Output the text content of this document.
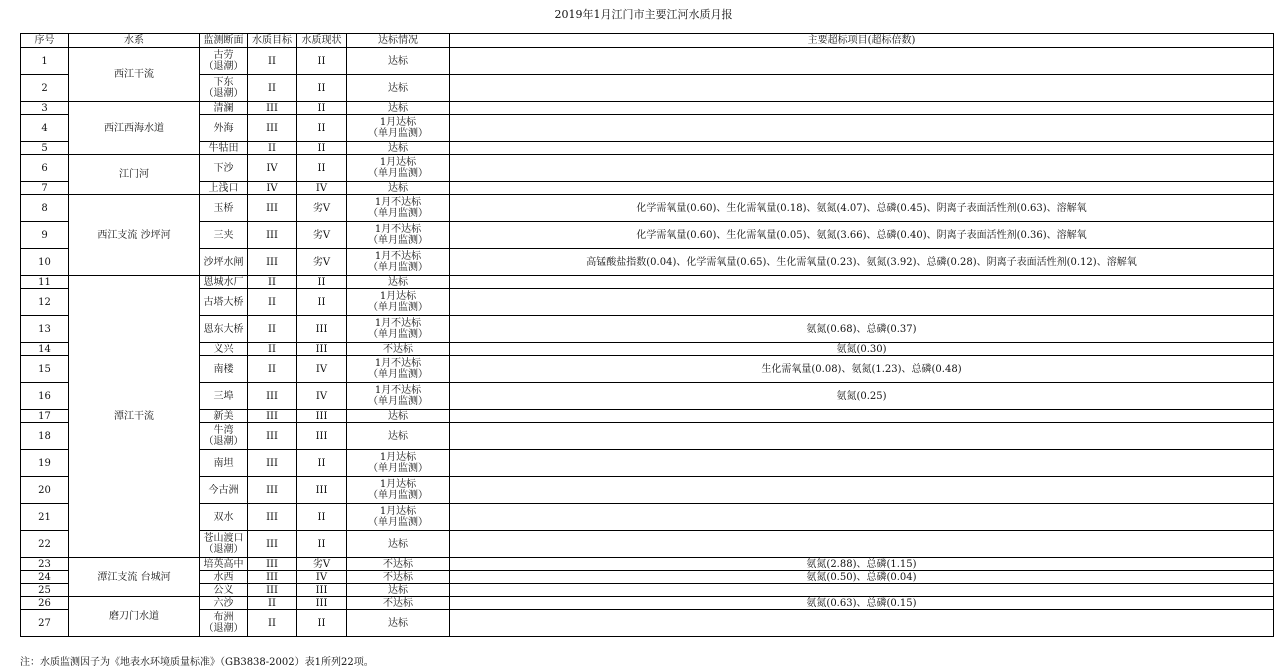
2019年1月江门市主要江河水质月报
序号	水系	监测断面	水质目标	水质现状	达标情况	主要超标项目(超标倍数)
1	西江干流	古劳
（退潮）	II	II	达标	
2		下东
（退潮）	II	II	达标	
3	西江西海水道	清澜	III	II	达标	
4		外海	III	II	1月达标
（单月监测）	
5		牛牯田	II	II	达标	
6	江门河	下沙	IV	II	1月达标
（单月监测）	
7		上浅口	IV	IV	达标	
8	西江支流 沙坪河	玉桥	III	劣V	1月不达标
（单月监测）	化学需氧量(0.60)、生化需氧量(0.18)、氨氮(4.07)、总磷(0.45)、阴离子表面活性剂(0.63)、溶解氧
9		三夹	III	劣V	1月不达标
（单月监测）	化学需氧量(0.60)、生化需氧量(0.05)、氨氮(3.66)、总磷(0.40)、阴离子表面活性剂(0.36)、溶解氧
10		沙坪水闸	III	劣V	1月不达标
（单月监测）	高锰酸盐指数(0.04)、化学需氧量(0.65)、生化需氧量(0.23)、氨氮(3.92)、总磷(0.28)、阴离子表面活性剂(0.12)、溶解氧
11	潭江干流	恩城水厂	II	II	达标	
12		古塔大桥	II	II	1月达标
（单月监测）	
13		恩东大桥	II	III	1月不达标
（单月监测）	氨氮(0.68)、总磷(0.37)
14		义兴	II	III	不达标	氨氮(0.30)
15		南楼	II	IV	1月不达标
（单月监测）	生化需氧量(0.08)、氨氮(1.23)、总磷(0.48)
16		三埠	III	IV	1月不达标
（单月监测）	氨氮(0.25)
17		新美	III	III	达标	
18		牛湾
（退潮）	III	III	达标	
19		南坦	III	II	1月达标
（单月监测）	
20		今古洲	III	III	1月达标
（单月监测）	
21		双水	III	II	1月达标
（单月监测）	
22		苍山渡口
（退潮）	III	II	达标	
23	潭江支流 台城河	培英高中	III	劣V	不达标	氨氮(2.88)、总磷(1.15)
24		水西	III	IV	不达标	氨氮(0.50)、总磷(0.04)
25		公义	III	III	达标	
26	磨刀门水道	六沙	II	III	不达标	氨氮(0.63)、总磷(0.15)
27		布洲
（退潮）	II	II	达标	
注：水质监测因子为《地表水环境质量标准》（GB3838-2002）表1所列22项。
